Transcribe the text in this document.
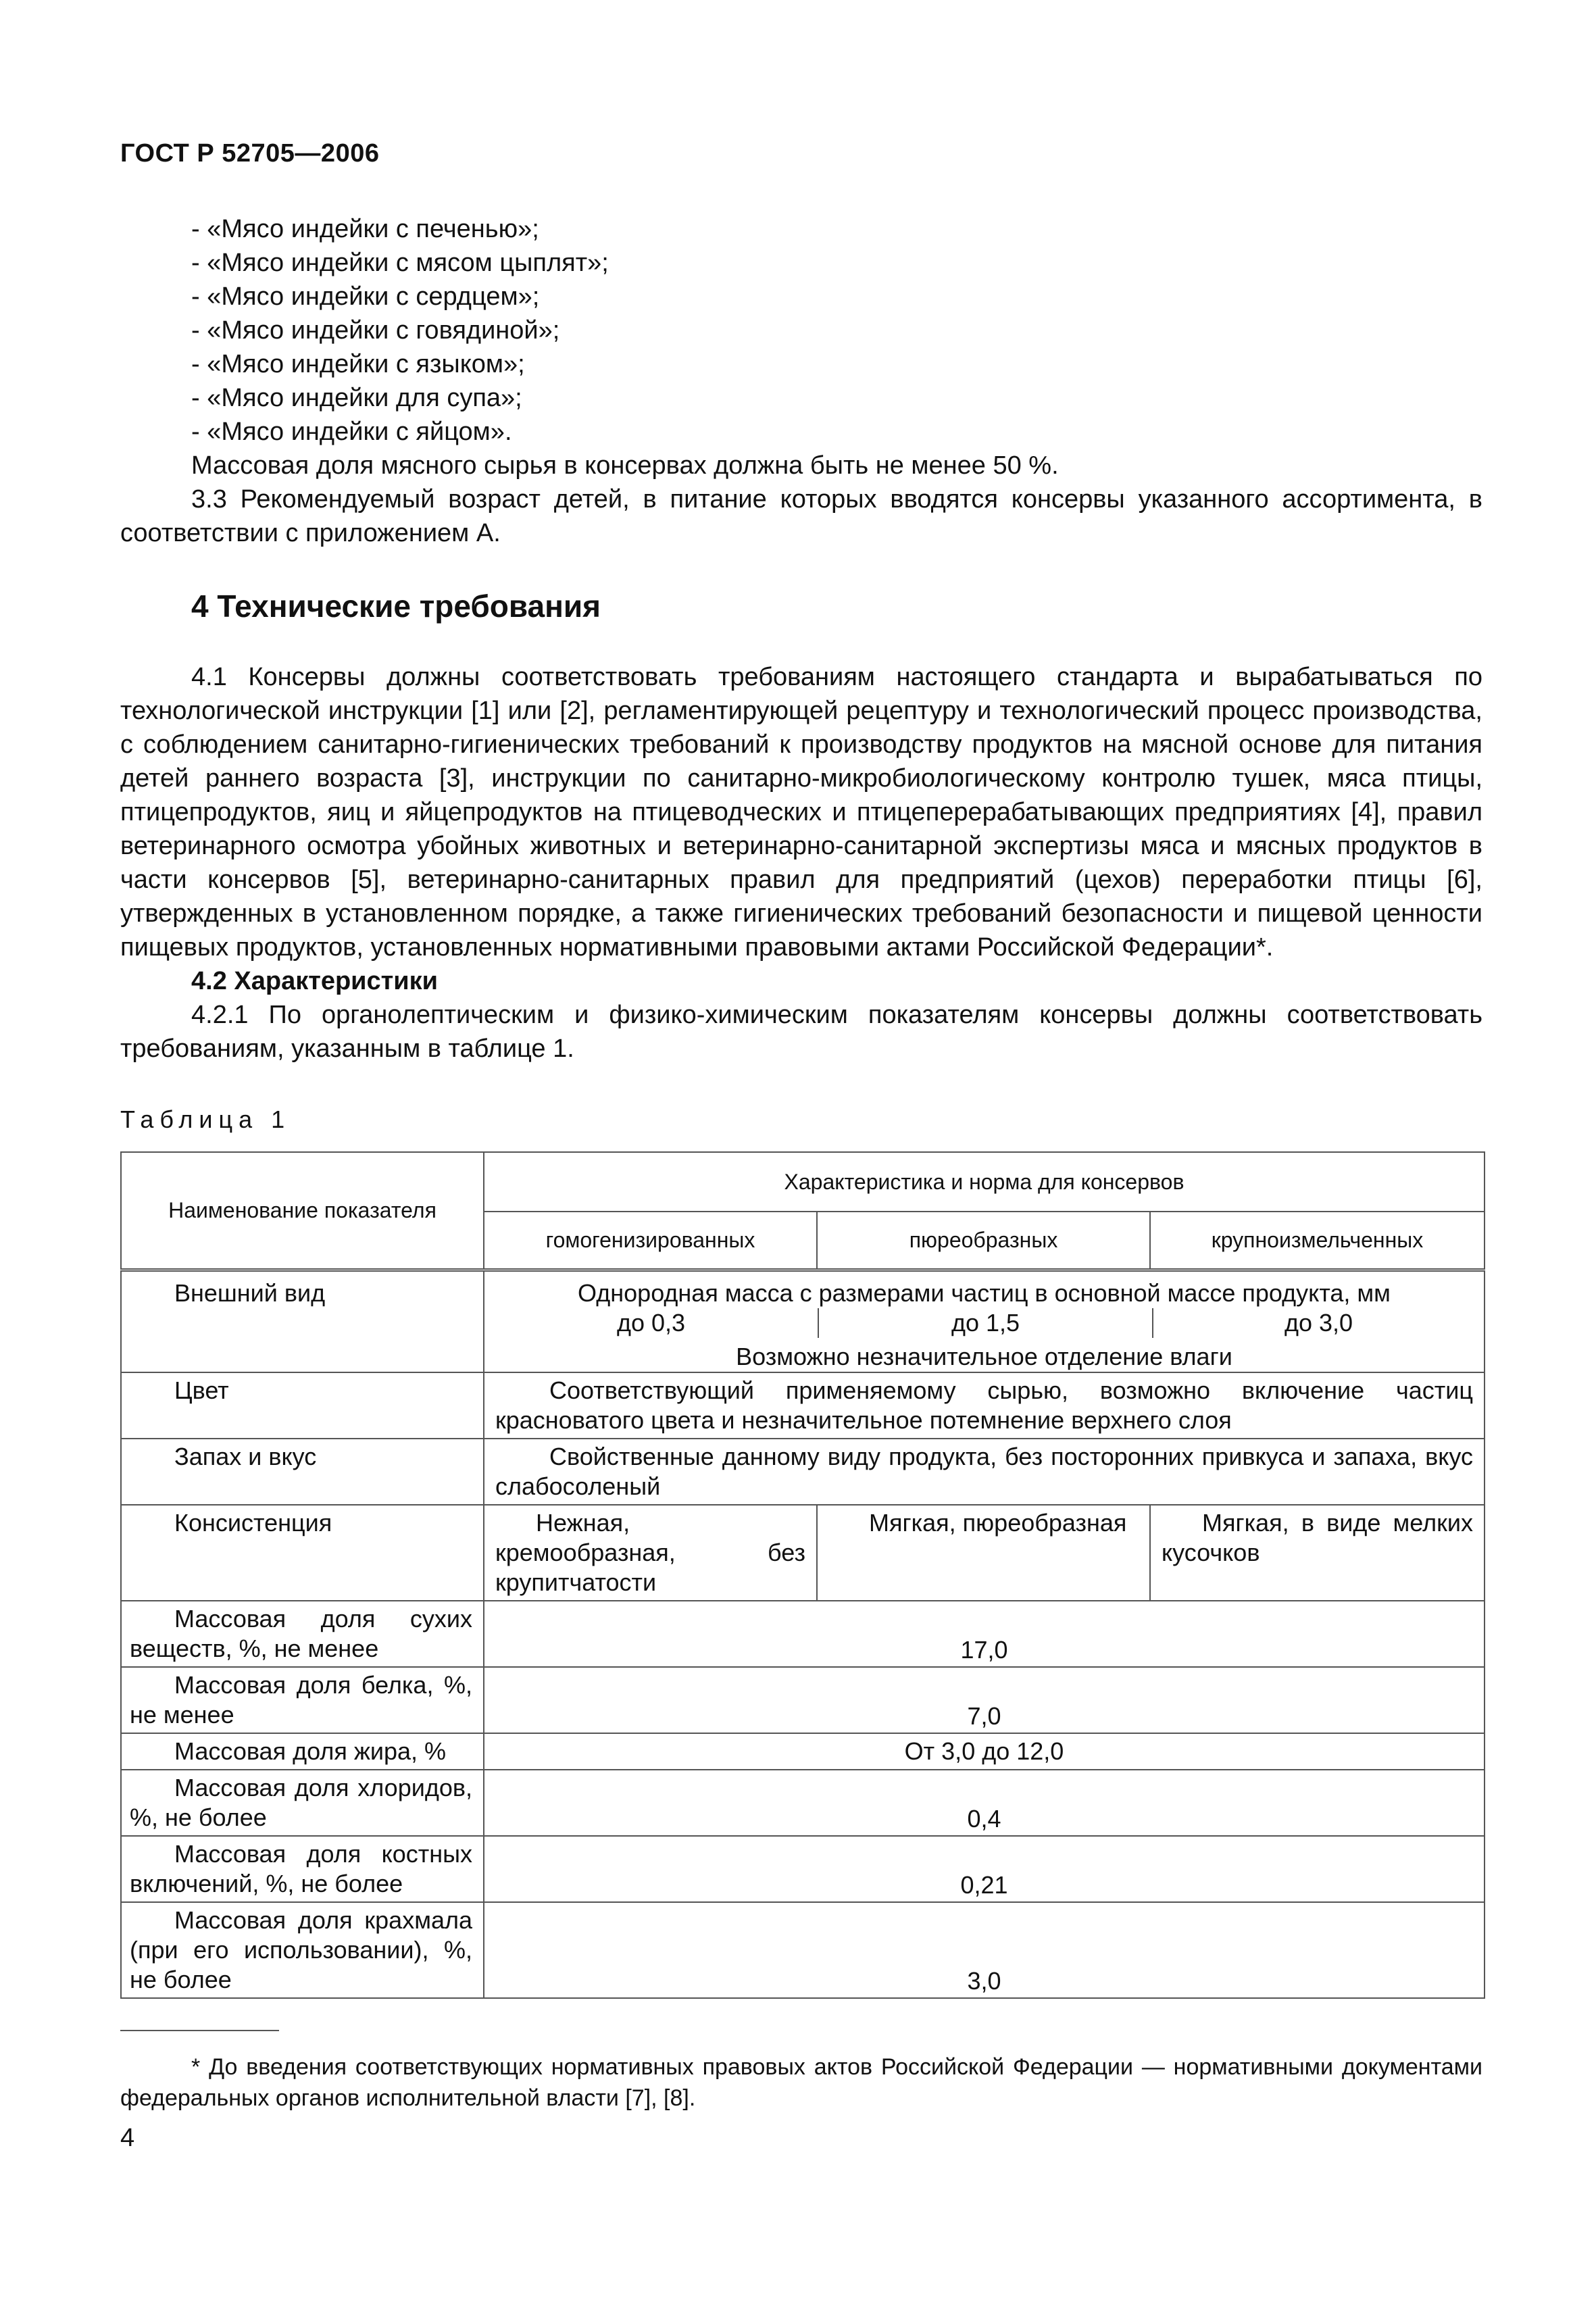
ГОСТ Р 52705—2006
- «Мясо индейки с печенью»;
- «Мясо индейки с мясом цыплят»;
- «Мясо индейки с сердцем»;
- «Мясо индейки с говядиной»;
- «Мясо индейки с языком»;
- «Мясо индейки для супа»;
- «Мясо индейки с яйцом».
Массовая доля мясного сырья в консервах должна быть не менее 50 %.
3.3 Рекомендуемый возраст детей, в питание которых вводятся консервы указанного ассортимента, в соответствии с приложением А.
4 Технические требования
4.1 Консервы должны соответствовать требованиям настоящего стандарта и вырабатываться по технологической инструкции [1] или [2], регламентирующей рецептуру и технологический процесс производства, с соблюдением санитарно-гигиенических требований к производству продуктов на мясной основе для питания детей раннего возраста [3], инструкции по санитарно-микробиологическому контролю тушек, мяса птицы, птицепродуктов, яиц и яйцепродуктов на птицеводческих и птицеперерабатывающих предприятиях [4], правил ветеринарного осмотра убойных животных и ветеринарно-санитарной экспертизы мяса и мясных продуктов в части консервов [5], ветеринарно-санитарных правил для предприятий (цехов) переработки птицы [6], утвержденных в установленном порядке, а также гигиенических требований безопасности и пищевой ценности пищевых продуктов, установленных нормативными правовыми актами Российской Федерации*.
4.2 Характеристики
4.2.1 По органолептическим и физико-химическим показателям консервы должны соответствовать требованиям, указанным в таблице 1.
Таблица 1
Наименование показателя	Характеристика и норма для консервов		
	гомогенизированных	пюреобразных	крупноизмельченных
Внешний вид	Однородная масса с размерами частиц в основной массе продукта, мм
до 0,3 до 1,5 до 3,0
Возможно незначительное отделение влаги		

Цвет	Соответствующий применяемому сырью, возможно включение частиц красноватого цвета и незначительное потемнение верхнего слоя		
Запах и вкус	Свойственные данному виду продукта, без посторонних привкуса и запаха, вкус слабосоленый		
Консистенция	Нежная, кремообразная, без крупитчатости	Мягкая, пюреобразная	Мягкая, в виде мелких кусочков
Массовая доля сухих веществ, %, не менее	17,0		
Массовая доля белка, %, не менее	7,0		
Массовая доля жира, %	От 3,0 до 12,0		
Массовая доля хлоридов, %, не более	0,4		
Массовая доля костных включений, %, не более	0,21		
Массовая доля крахмала (при его использовании), %, не более	3,0		
* До введения соответствующих нормативных правовых актов Российской Федерации — нормативными документами федеральных органов исполнительной власти [7], [8].
4
